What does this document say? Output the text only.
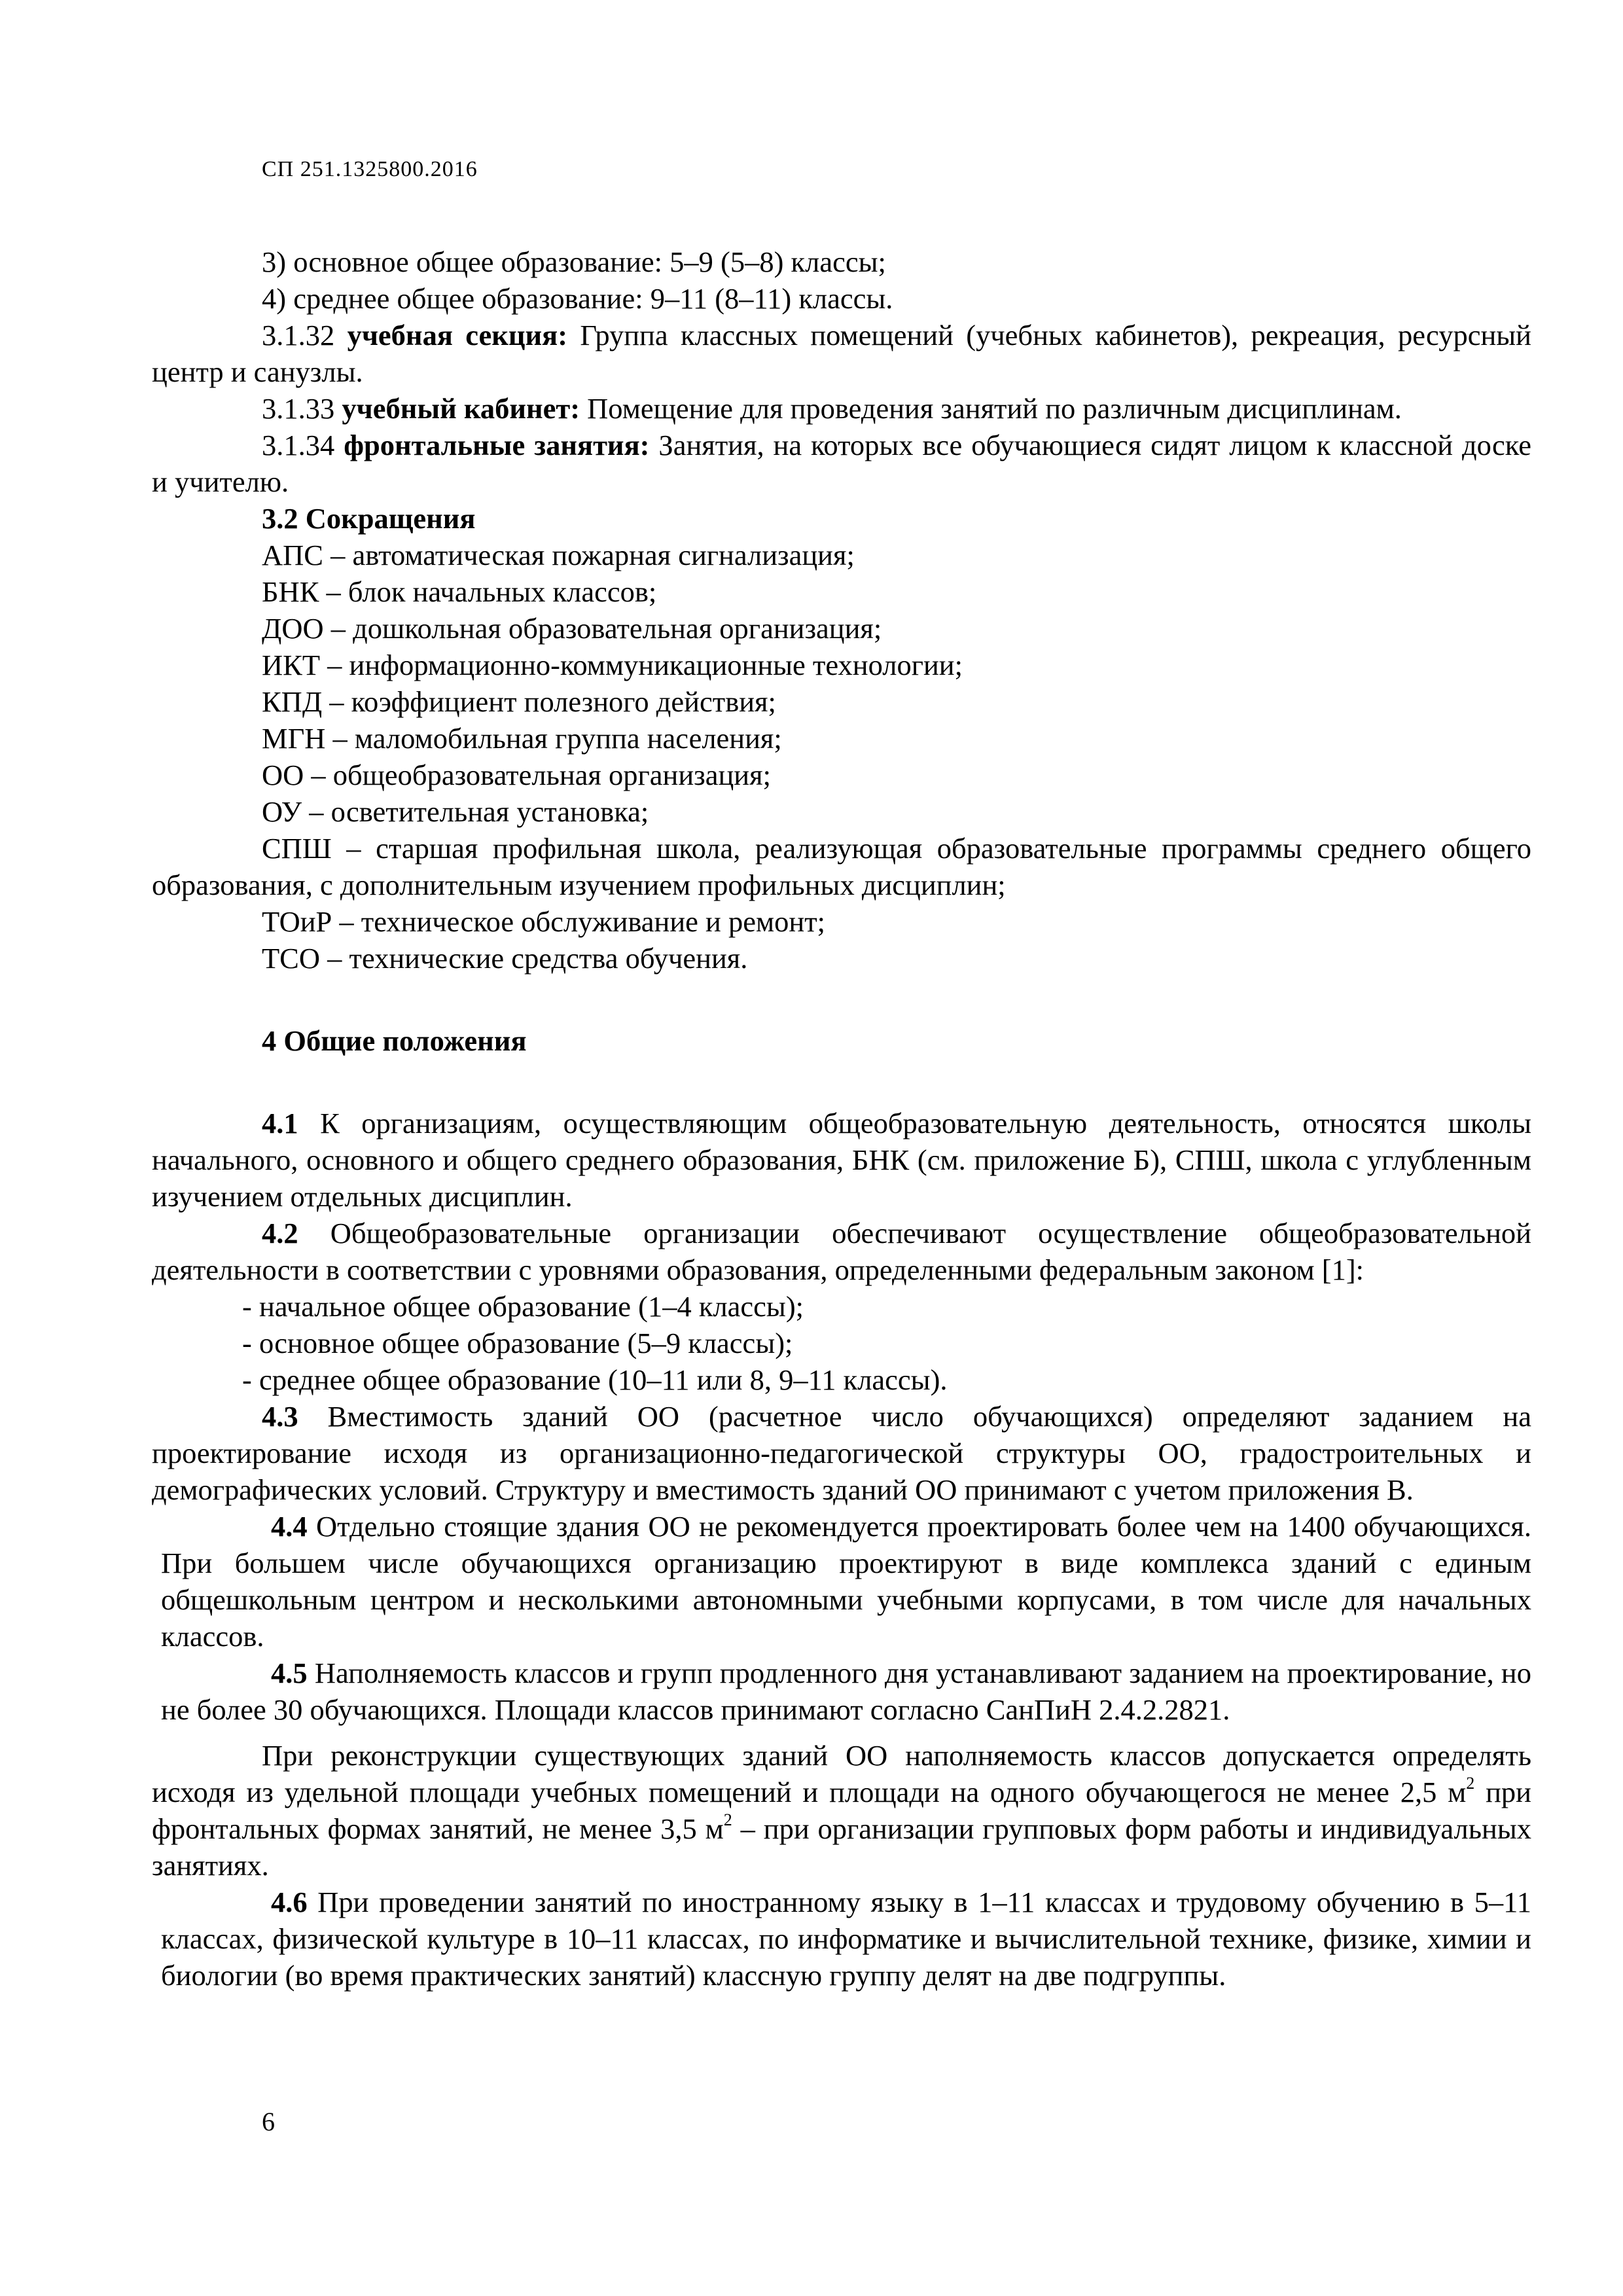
СП 251.1325800.2016

3) основное общее образование: 5–9 (5–8) классы;

4) среднее общее образование: 9–11 (8–11) классы.

3.1.32 учебная секция: Группа классных помещений (учебных кабинетов), рекреация, ресурсный центр и санузлы.

3.1.33 учебный кабинет: Помещение для проведения занятий по различным дисциплинам.

3.1.34 фронтальные занятия: Занятия, на которых все обучающиеся сидят лицом к классной доске и учителю.

3.2 Сокращения

АПС – автоматическая пожарная сигнализация;

БНК – блок начальных классов;

ДОО – дошкольная образовательная организация;

ИКТ – информационно-коммуникационные технологии;

КПД – коэффициент полезного действия;

МГН – маломобильная группа населения;

ОО – общеобразовательная организация;

ОУ – осветительная установка;

СПШ – старшая профильная школа, реализующая образовательные программы среднего общего образования, с дополнительным изучением профильных дисциплин;

ТОиР – техническое обслуживание и ремонт;

ТСО – технические средства обучения.

4 Общие положения

4.1 К организациям, осуществляющим общеобразовательную деятельность, относятся школы начального, основного и общего среднего образования, БНК (см. приложение Б), СПШ, школа с углубленным изучением отдельных дисциплин.

4.2 Общеобразовательные организации обеспечивают осуществление общеобразовательной деятельности в соответствии с уровнями образования, определенными федеральным законом [1]:

- начальное общее образование (1–4 классы);

- основное общее образование (5–9 классы);

- среднее общее образование (10–11 или 8, 9–11 классы).

4.3 Вместимость зданий ОО (расчетное число обучающихся) определяют заданием на проектирование исходя из организационно-педагогической структуры ОО, градостроительных и демографических условий. Структуру и вместимость зданий ОО принимают с учетом приложения В.

4.4 Отдельно стоящие здания ОО не рекомендуется проектировать более чем на 1400 обучающихся. При большем числе обучающихся организацию проектируют в виде комплекса зданий с единым общешкольным центром и несколькими автономными учебными корпусами, в том числе для начальных классов.

4.5 Наполняемость классов и групп продленного дня устанавливают заданием на проектирование, но не более 30 обучающихся. Площади классов принимают согласно СанПиН 2.4.2.2821.

При реконструкции существующих зданий ОО наполняемость классов допускается определять исходя из удельной площади учебных помещений и площади на одного обучающегося не менее 2,5 $м^2$ при фронтальных формах занятий, не менее 3,5 $м^2$ – при организации групповых форм работы и индивидуальных занятиях.

4.6 При проведении занятий по иностранному языку в 1–11 классах и трудовому обучению в 5–11 классах, физической культуре в 10–11 классах, по информатике и вычислительной технике, физике, химии и биологии (во время практических занятий) классную группу делят на две подгруппы.

6
